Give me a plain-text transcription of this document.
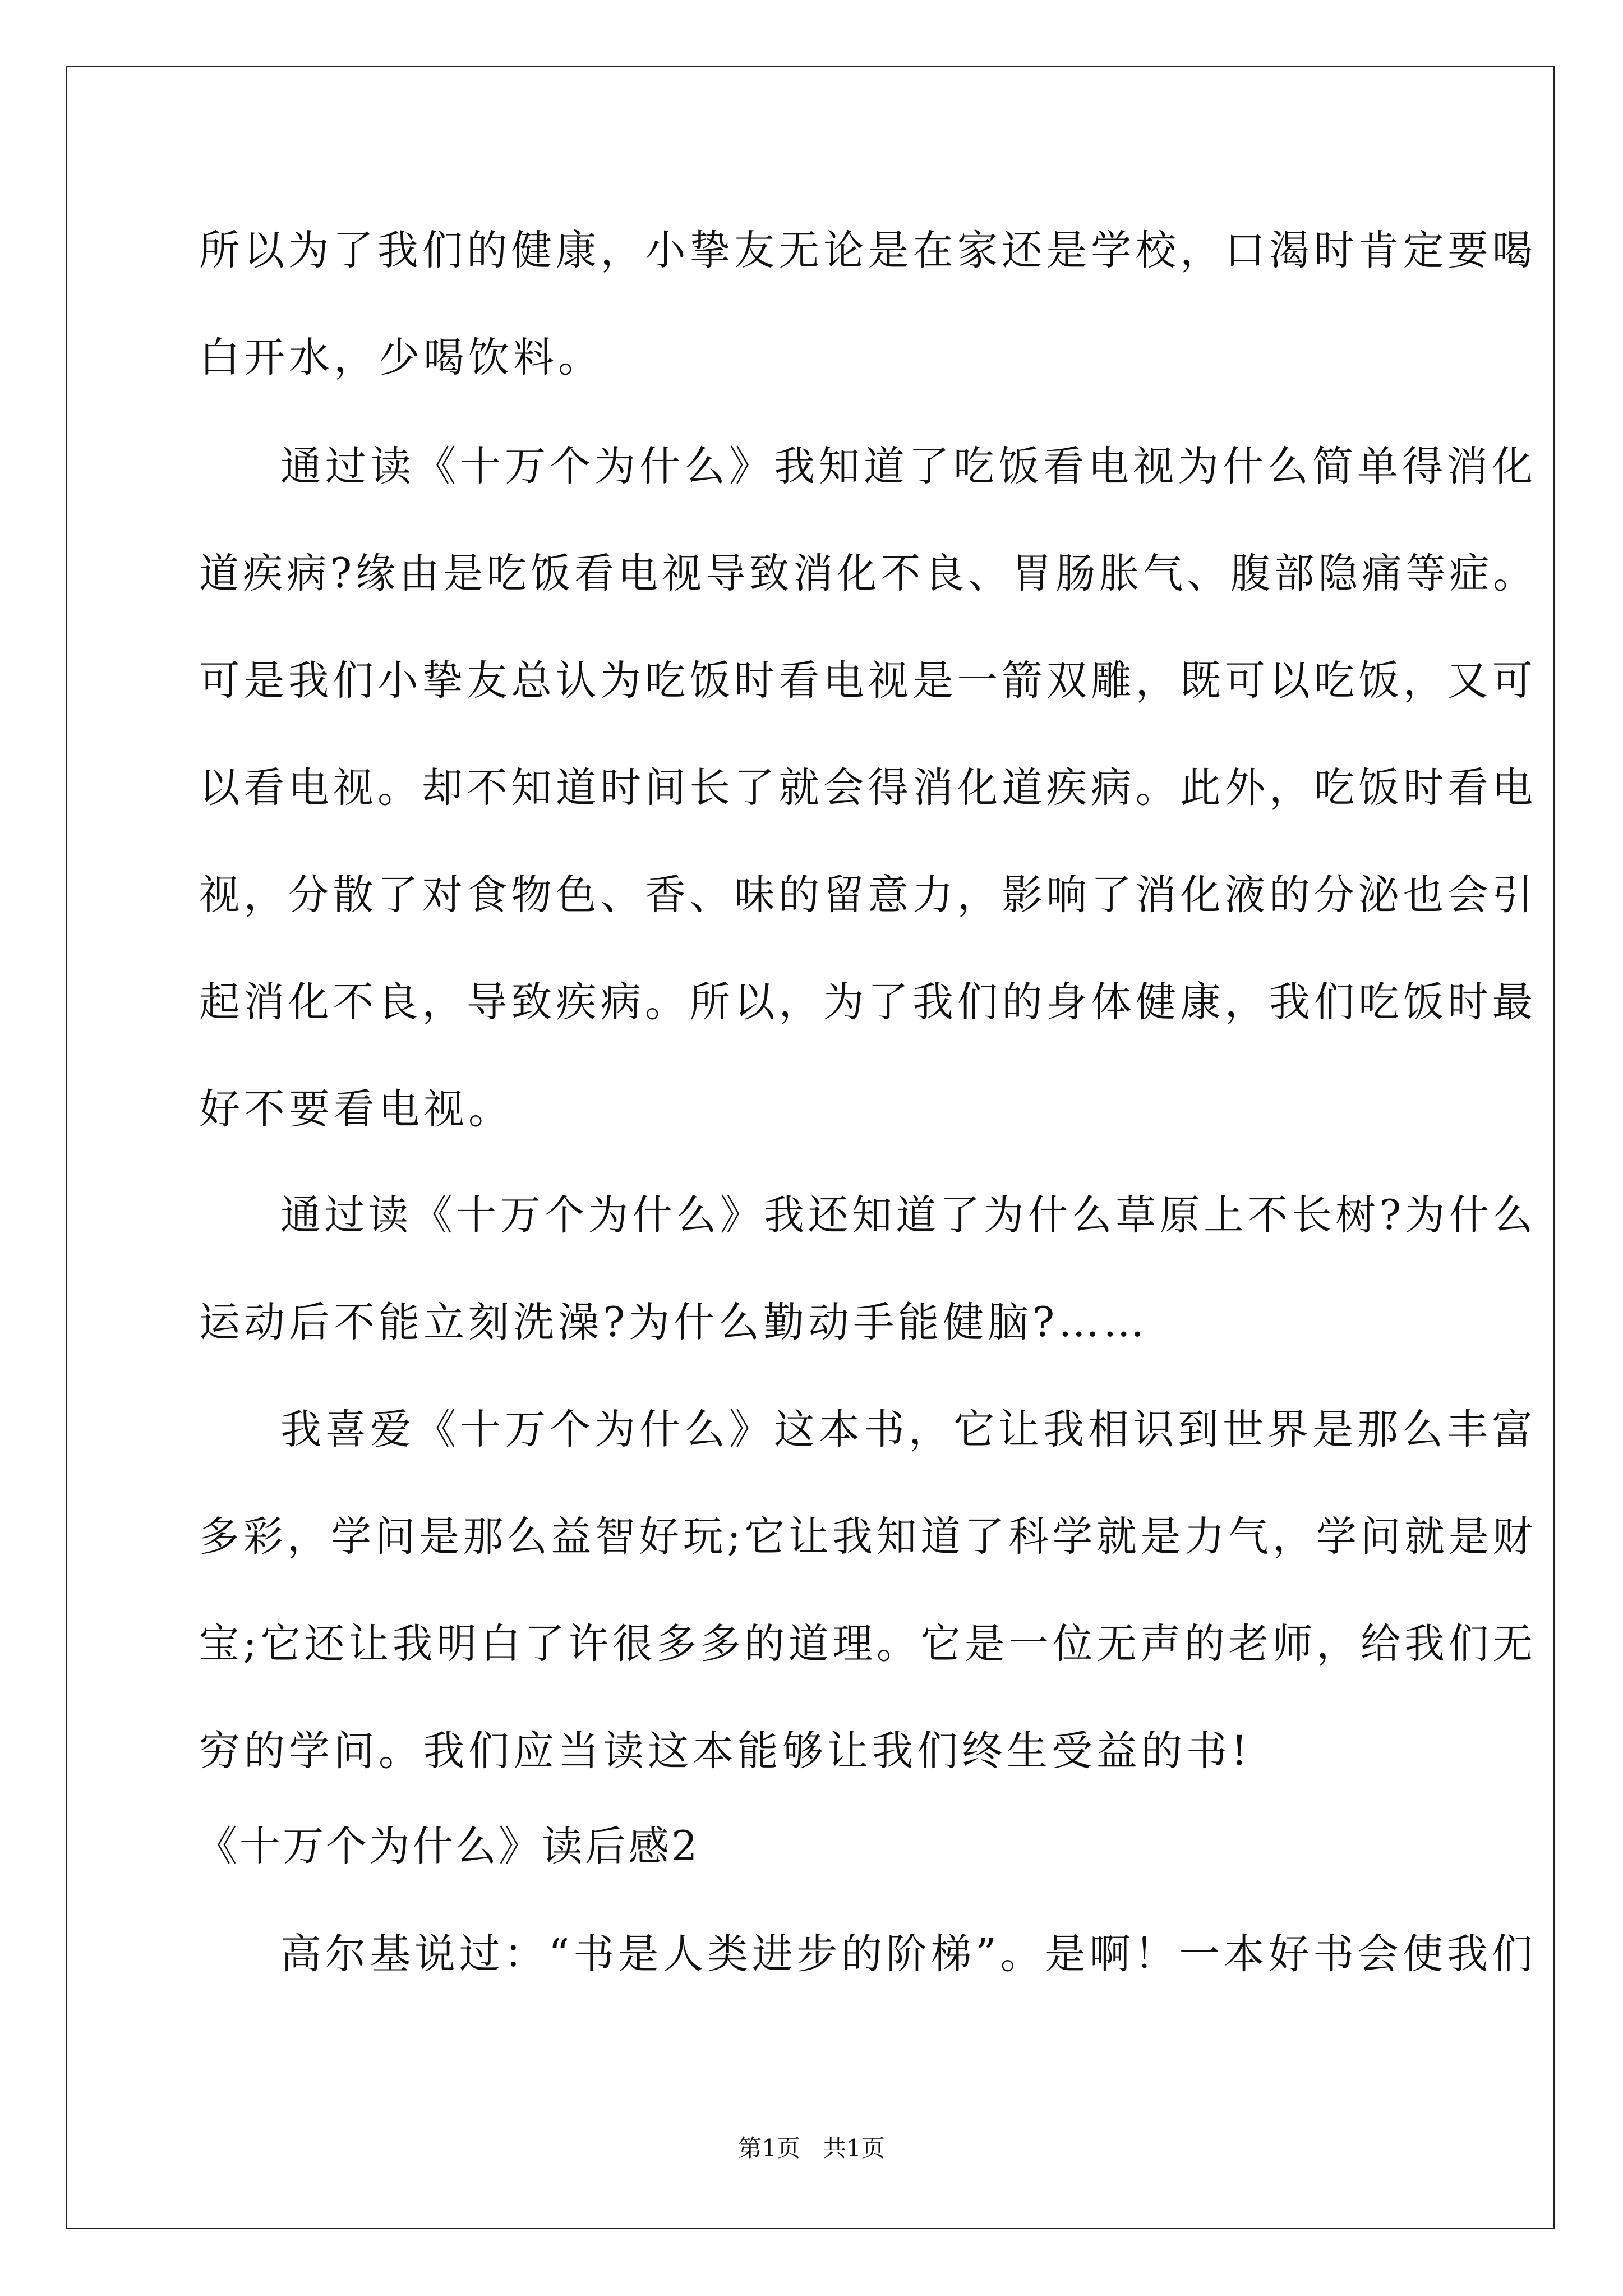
所以为了我们的健康，小挚友无论是在家还是学校，口渴时肯定要喝
白开水，少喝饮料。
通过读《十万个为什么》我知道了吃饭看电视为什么简单得消化
道疾病?缘由是吃饭看电视导致消化不良、胃肠胀气、腹部隐痛等症。
可是我们小挚友总认为吃饭时看电视是一箭双雕，既可以吃饭，又可
以看电视。却不知道时间长了就会得消化道疾病。此外，吃饭时看电
视，分散了对食物色、香、味的留意力，影响了消化液的分泌也会引
起消化不良，导致疾病。所以，为了我们的身体健康，我们吃饭时最
好不要看电视。
通过读《十万个为什么》我还知道了为什么草原上不长树?为什么
运动后不能立刻洗澡?为什么勤动手能健脑?……
我喜爱《十万个为什么》这本书，它让我相识到世界是那么丰富
多彩，学问是那么益智好玩;它让我知道了科学就是力气，学问就是财
宝;它还让我明白了许很多多的道理。它是一位无声的老师，给我们无
穷的学问。我们应当读这本能够让我们终生受益的书!
《十万个为什么》读后感2
高尔基说过：“书是人类进步的阶梯”。是啊！一本好书会使我们
第1页   共1页
